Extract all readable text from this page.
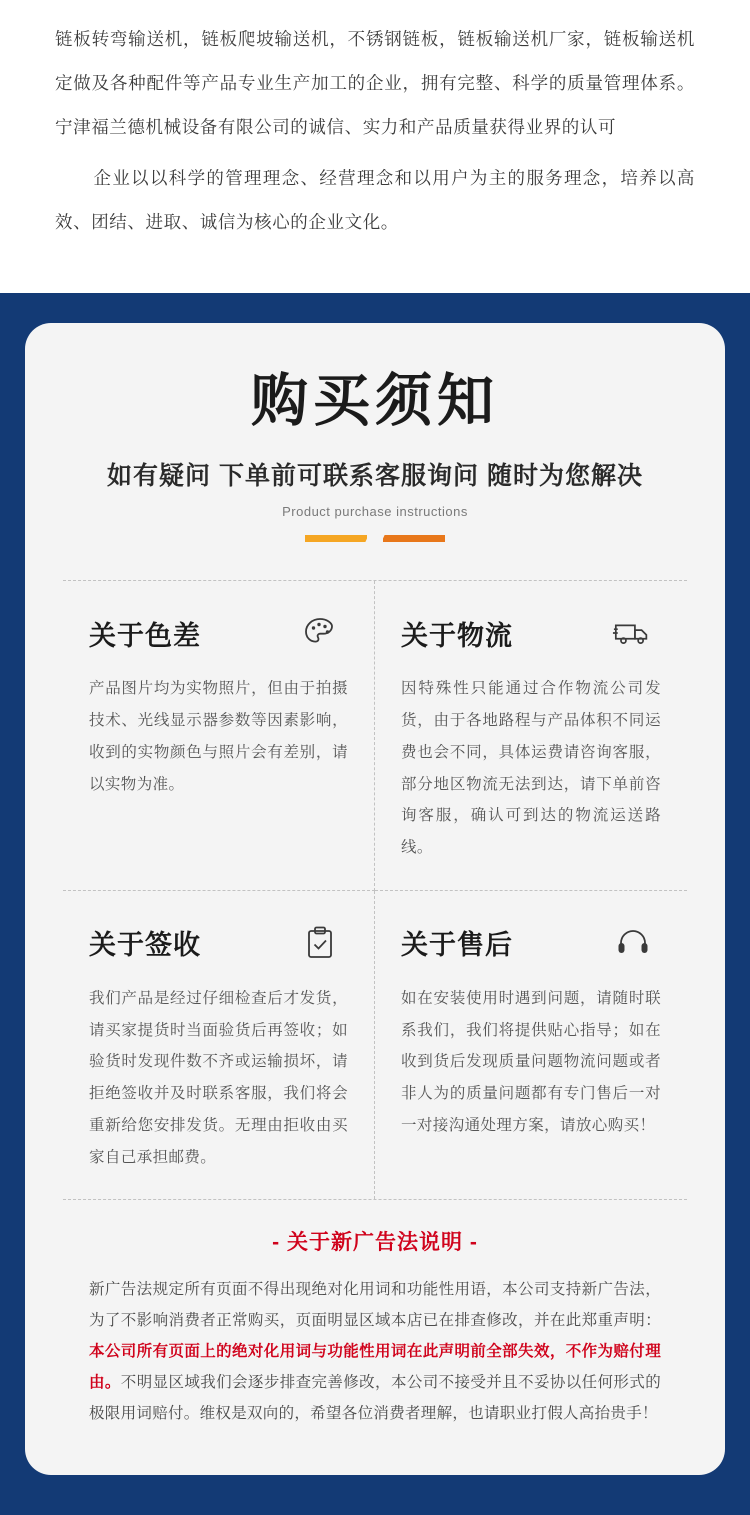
链板转弯输送机，链板爬坡输送机，不锈钢链板，链板输送机厂家，链板输送机定做及各种配件等产品专业生产加工的企业，拥有完整、科学的质量管理体系。宁津福兰德机械设备有限公司的诚信、实力和产品质量获得业界的认可

企业以以科学的管理理念、经营理念和以用户为主的服务理念，培养以高效、团结、进取、诚信为核心的企业文化。

购买须知
如有疑问 下单前可联系客服询问 随时为您解决
Product purchase instructions
关于色差
产品图片均为实物照片，但由于拍摄技术、光线显示器参数等因素影响，收到的实物颜色与照片会有差别，请以实物为准。
关于物流
因特殊性只能通过合作物流公司发货，由于各地路程与产品体积不同运费也会不同，具体运费请咨询客服，部分地区物流无法到达，请下单前咨询客服，确认可到达的物流运送路线。
关于签收
我们产品是经过仔细检查后才发货，请买家提货时当面验货后再签收；如验货时发现件数不齐或运输损坏，请拒绝签收并及时联系客服，我们将会重新给您安排发货。无理由拒收由买家自己承担邮费。
关于售后
如在安装使用时遇到问题，请随时联系我们，我们将提供贴心指导；如在收到货后发现质量问题物流问题或者非人为的质量问题都有专门售后一对一对接沟通处理方案，请放心购买！
- 关于新广告法说明 -
新广告法规定所有页面不得出现绝对化用词和功能性用语，本公司支持新广告法，为了不影响消费者正常购买，页面明显区域本店已在排查修改，并在此郑重声明：本公司所有页面上的绝对化用词与功能性用词在此声明前全部失效，不作为赔付理由。不明显区域我们会逐步排查完善修改，本公司不接受并且不妥协以任何形式的极限用词赔付。维权是双向的，希望各位消费者理解，也请职业打假人高抬贵手！
